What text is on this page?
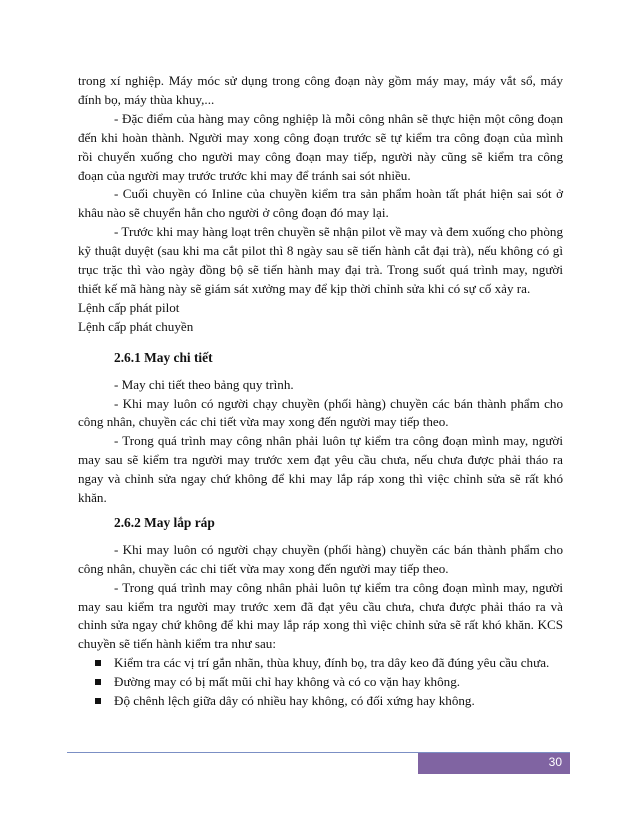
trong xí nghiệp. Máy móc sử dụng trong công đoạn này gồm máy may, máy vắt sổ, máy đính bọ, máy thùa khuy,...

- Đặc điểm của hàng may công nghiệp là mỗi công nhân sẽ thực hiện một công đoạn đến khi hoàn thành. Người may xong công đoạn trước sẽ tự kiểm tra công đoạn của mình rồi chuyển xuống cho người may công đoạn may tiếp, người này cũng sẽ kiểm tra công đoạn của người may trước trước khi may để tránh sai sót nhiều.

- Cuối chuyền có Inline của chuyền kiểm tra sản phẩm hoàn tất phát hiện sai sót ở khâu nào sẽ chuyển hẳn cho người ở công đoạn đó may lại.

- Trước khi may hàng loạt trên chuyền sẽ nhận pilot về may và đem xuống cho phòng kỹ thuật duyệt (sau khi ma cắt pilot thì 8 ngày sau sẽ tiến hành cắt đại trà), nếu không có gì trục trặc thì vào ngày đồng bộ sẽ tiến hành may đại trà. Trong suốt quá trình may, người thiết kế mã hàng này sẽ giám sát xưởng may để kịp thời chỉnh sửa khi có sự cố xảy ra.

Lệnh cấp phát pilot

Lệnh cấp phát chuyền

2.6.1 May chi tiết

- May chi tiết theo bảng quy trình.

- Khi may luôn có người chạy chuyền (phối hàng) chuyền các bán thành phẩm cho công nhân, chuyền các chi tiết vừa may xong đến người may tiếp theo.

- Trong quá trình may công nhân phải luôn tự kiểm tra công đoạn mình may, người may sau sẽ kiểm tra người may trước xem đạt yêu cầu chưa, nếu chưa được phải tháo ra ngay và chỉnh sửa ngay chứ không để khi may lắp ráp xong thì việc chỉnh sửa sẽ rất khó khăn.

2.6.2 May lắp ráp

- Khi may luôn có người chạy chuyền (phối hàng) chuyền các bán thành phẩm cho công nhân, chuyền các chi tiết vừa may xong đến người may tiếp theo.

- Trong quá trình may công nhân phải luôn tự kiểm tra công đoạn mình may, người may sau kiểm tra người may trước xem đã đạt yêu cầu chưa, chưa được phải tháo ra và chỉnh sửa ngay chứ không để khi may lắp ráp xong thì việc chỉnh sửa sẽ rất khó khăn. KCS chuyền sẽ tiến hành kiểm tra như sau:

Kiểm tra các vị trí gắn nhãn, thùa khuy, đính bọ, tra dây keo đã đúng yêu cầu chưa.
Đường may có bị mất mũi chỉ hay không và có co vặn hay không.
Độ chênh lệch giữa dây có nhiều hay không, có đối xứng hay không.
30
